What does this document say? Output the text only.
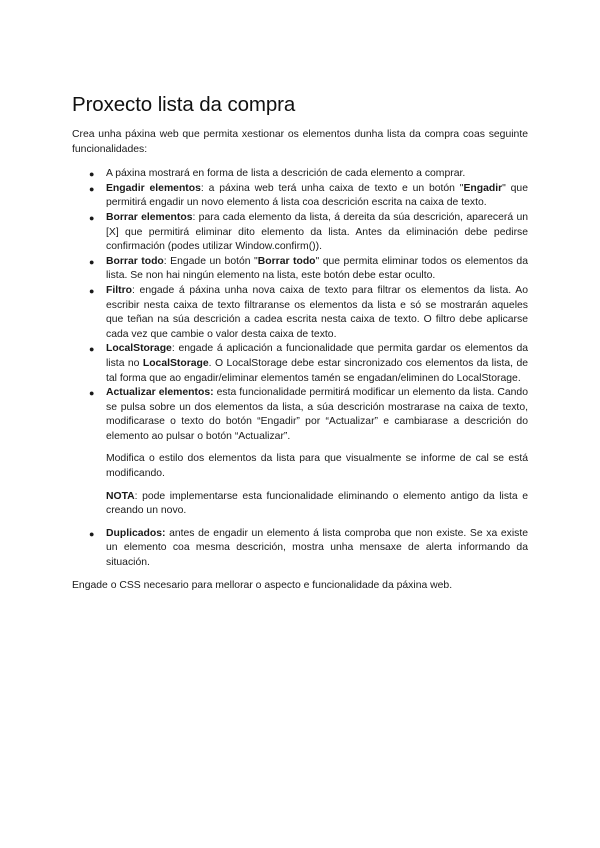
Proxecto lista da compra

Crea unha páxina web que permita xestionar os elementos dunha lista da compra coas seguinte funcionalidades:

● A páxina mostrará en forma de lista a descrición de cada elemento a comprar.
● Engadir elementos: a páxina web terá unha caixa de texto e un botón "Engadir" que permitirá engadir un novo elemento á lista coa descrición escrita na caixa de texto.
● Borrar elementos: para cada elemento da lista, á dereita da súa descrición, aparecerá un [X] que permitirá eliminar dito elemento da lista. Antes da eliminación debe pedirse confirmación (podes utilizar Window.confirm()).
● Borrar todo: Engade un botón "Borrar todo" que permita eliminar todos os elementos da lista. Se non hai ningún elemento na lista, este botón debe estar oculto.
● Filtro: engade á páxina unha nova caixa de texto para filtrar os elementos da lista. Ao escribir nesta caixa de texto filtraranse os elementos da lista e só se mostrarán aqueles que teñan na súa descrición a cadea escrita nesta caixa de texto. O filtro debe aplicarse cada vez que cambie o valor desta caixa de texto.
● LocalStorage: engade á aplicación a funcionalidade que permita gardar os elementos da lista no LocalStorage. O LocalStorage debe estar sincronizado cos elementos da lista, de tal forma que ao engadir/eliminar elementos tamén se engadan/eliminen do LocalStorage.
● Actualizar elementos: esta funcionalidade permitirá modificar un elemento da lista. Cando se pulsa sobre un dos elementos da lista, a súa descrición mostrarase na caixa de texto, modificarase o texto do botón “Engadir” por “Actualizar” e cambiarase a descrición do elemento ao pulsar o botón “Actualizar”.

Modifica o estilo dos elementos da lista para que visualmente se informe de cal se está modificando.

NOTA: pode implementarse esta funcionalidade eliminando o elemento antigo da lista e creando un novo.

● Duplicados: antes de engadir un elemento á lista comproba que non existe. Se xa existe un elemento coa mesma descrición, mostra unha mensaxe de alerta informando da situación.

Engade o CSS necesario para mellorar o aspecto e funcionalidade da páxina web.
